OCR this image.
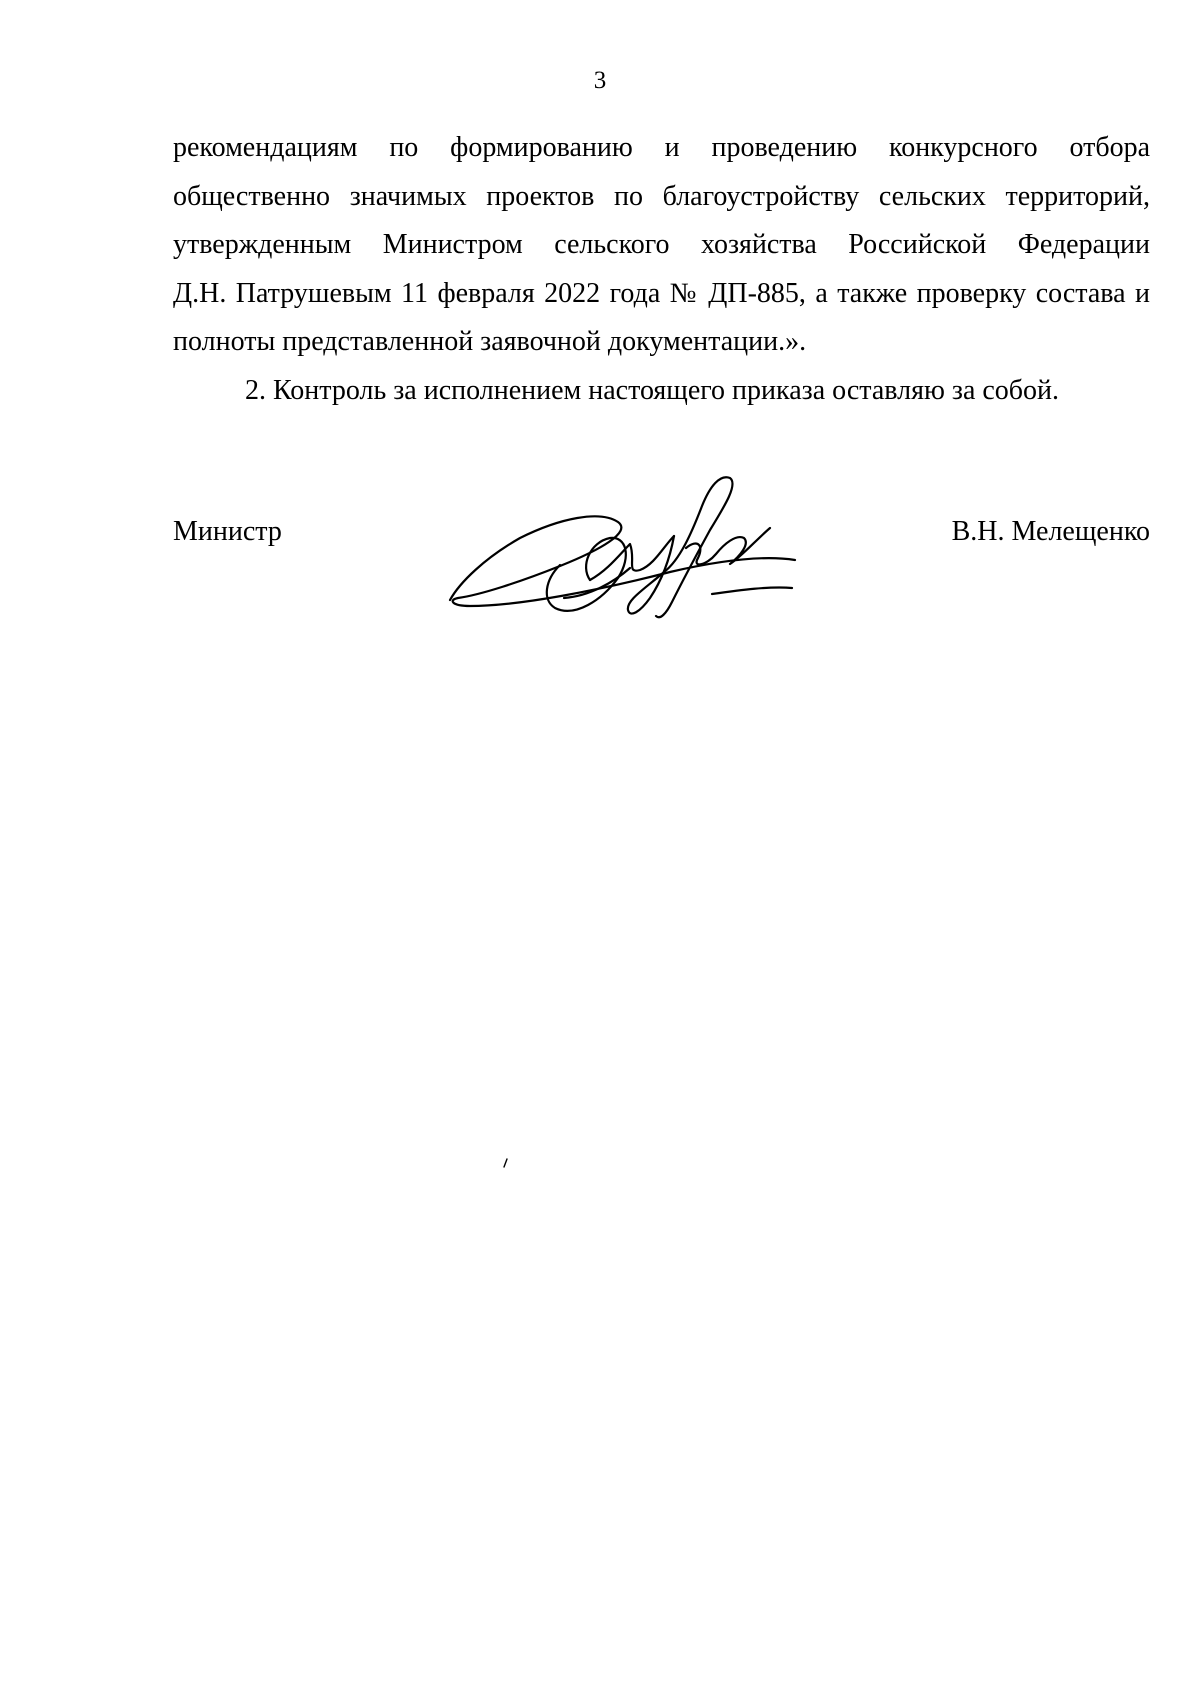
3

рекомендациям по формированию и проведению конкурсного отбора
общественно значимых проектов по благоустройству сельских территорий,
утвержденным Министром сельского хозяйства Российской Федерации
Д.Н. Патрушевым 11 февраля 2022 года № ДП-885, а также проверку состава и
полноты представленной заявочной документации.».

2. Контроль за исполнением настоящего приказа оставляю за собой.

Министр	В.Н. Мелещенко
